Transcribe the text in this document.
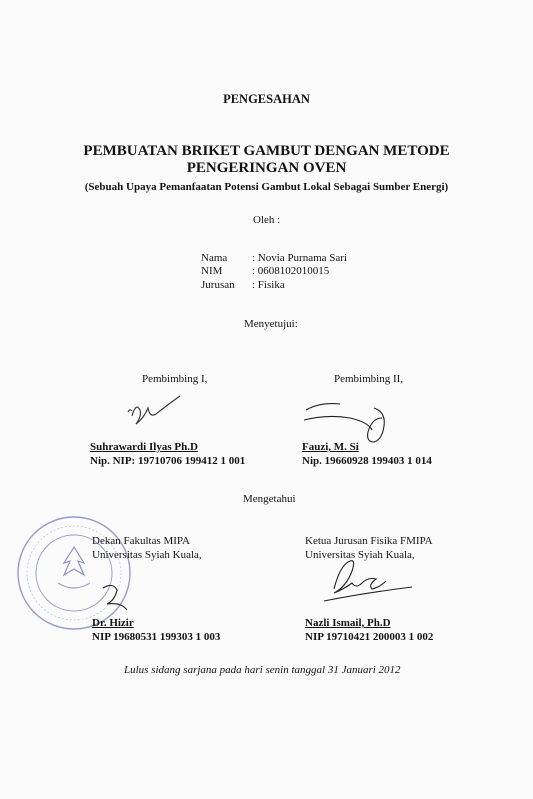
PENGESAHAN
PEMBUATAN BRIKET GAMBUT DENGAN METODE
PENGERINGAN OVEN
(Sebuah Upaya Pemanfaatan Potensi Gambut Lokal Sebagai Sumber Energi)
Oleh :
Nama : Novia Purnama Sari
NIM	: 0608102010015
Jurusan : Fisika
Menyetujui:
Pembimbing I,	Pembimbing II,
Suhrawardi Ilyas Ph.D
Nip. NIP: 19710706 199412 1 001
Fauzi, M. Si
Nip. 19660928 199403 1 014
Mengetahui
Dekan Fakultas MIPA
Universitas Syiah Kuala,
Dr. Hizir
NIP 19680531 199303 1 003
Ketua Jurusan Fisika FMIPA
Universitas Syiah Kuala,
Nazli Ismail, Ph.D
NIP 19710421 200003 1 002
Lulus sidang sarjana pada hari senin tanggal 31 Januari 2012
